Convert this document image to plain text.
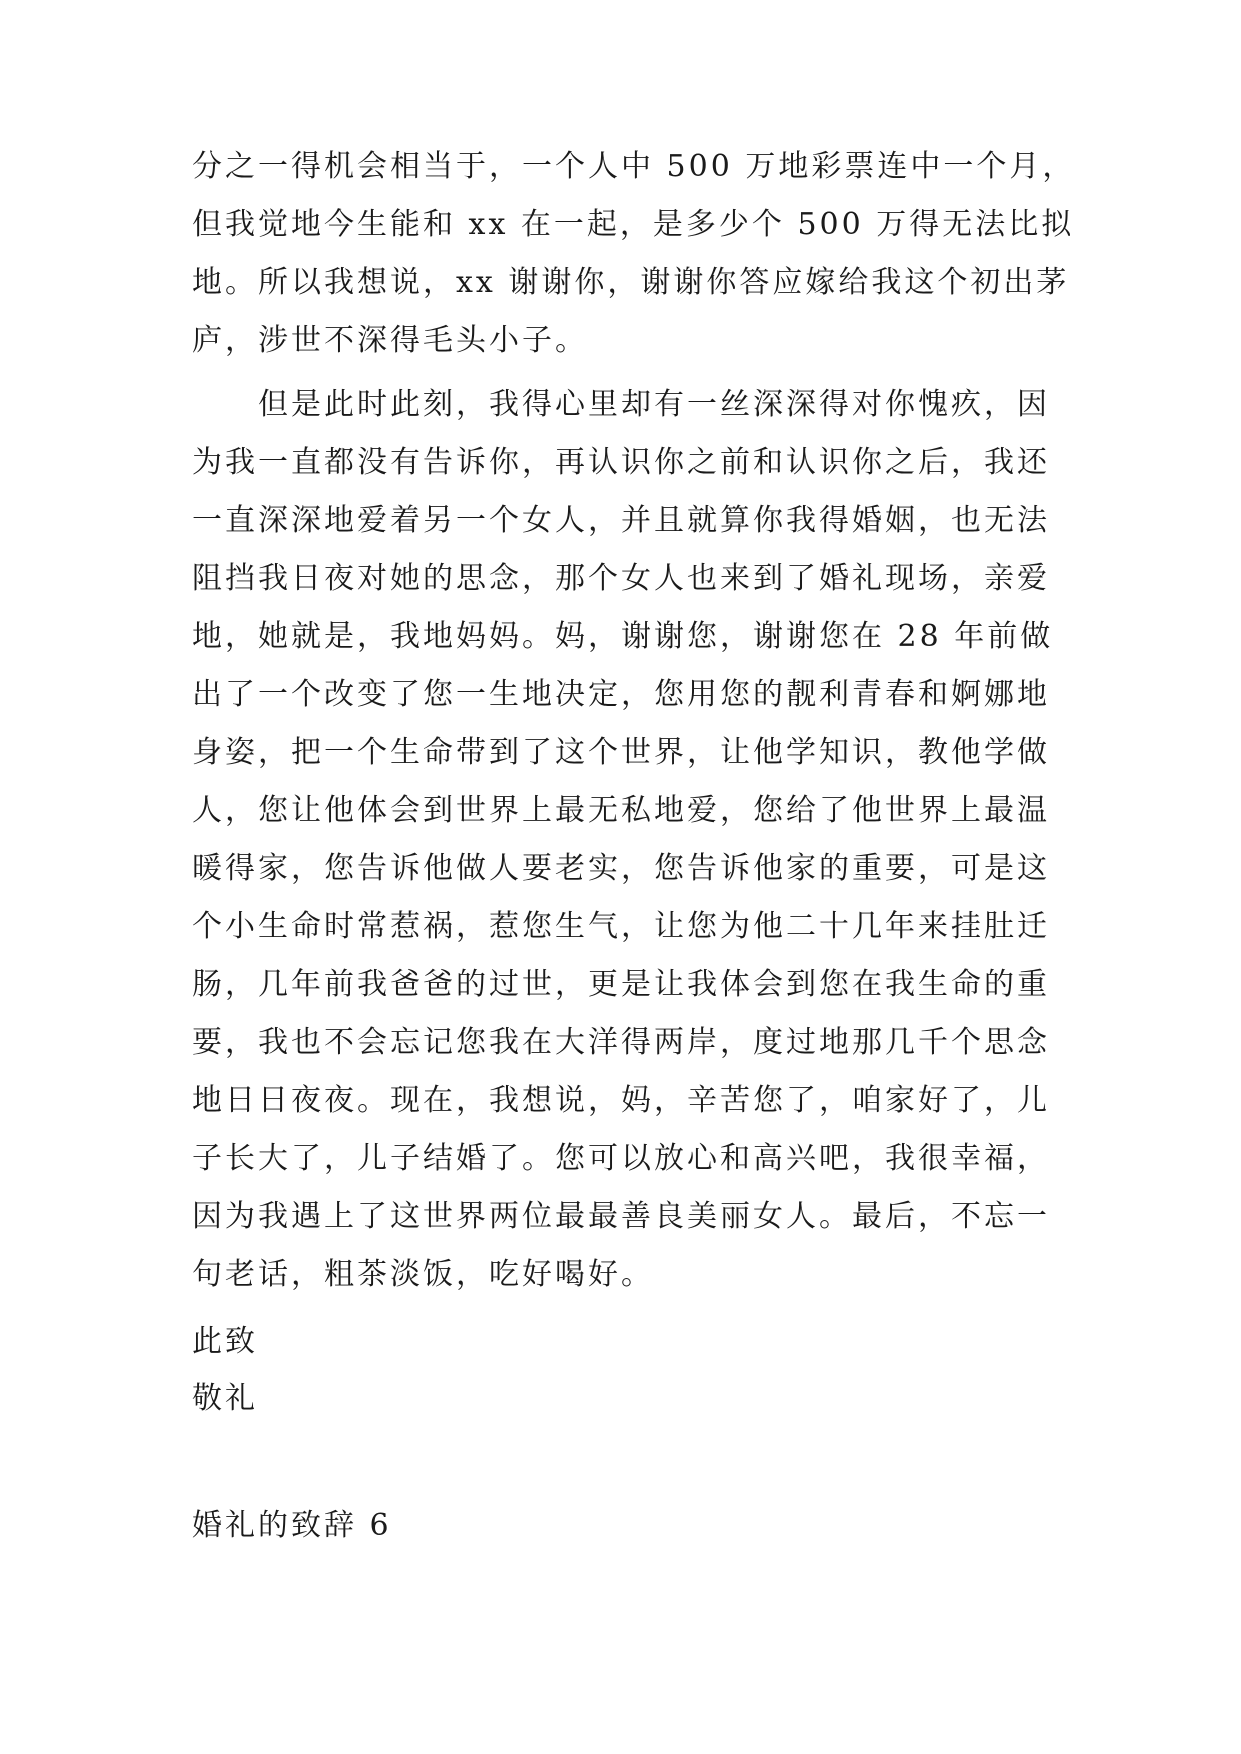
分之一得机会相当于，一个人中 500 万地彩票连中一个月，
但我觉地今生能和 xx 在一起，是多少个 500 万得无法比拟
地。所以我想说，xx 谢谢你，谢谢你答应嫁给我这个初出茅
庐，涉世不深得毛头小子。
但是此时此刻，我得心里却有一丝深深得对你愧疚，因
为我一直都没有告诉你，再认识你之前和认识你之后，我还
一直深深地爱着另一个女人，并且就算你我得婚姻，也无法
阻挡我日夜对她的思念，那个女人也来到了婚礼现场，亲爱
地，她就是，我地妈妈。妈，谢谢您，谢谢您在 28 年前做
出了一个改变了您一生地决定，您用您的靓利青春和婀娜地
身姿，把一个生命带到了这个世界，让他学知识，教他学做
人，您让他体会到世界上最无私地爱，您给了他世界上最温
暖得家，您告诉他做人要老实，您告诉他家的重要，可是这
个小生命时常惹祸，惹您生气，让您为他二十几年来挂肚迁
肠，几年前我爸爸的过世，更是让我体会到您在我生命的重
要，我也不会忘记您我在大洋得两岸，度过地那几千个思念
地日日夜夜。现在，我想说，妈，辛苦您了，咱家好了，儿
子长大了，儿子结婚了。您可以放心和高兴吧，我很幸福，
因为我遇上了这世界两位最最善良美丽女人。最后，不忘一
句老话，粗茶淡饭，吃好喝好。
此致
敬礼
婚礼的致辞 6
